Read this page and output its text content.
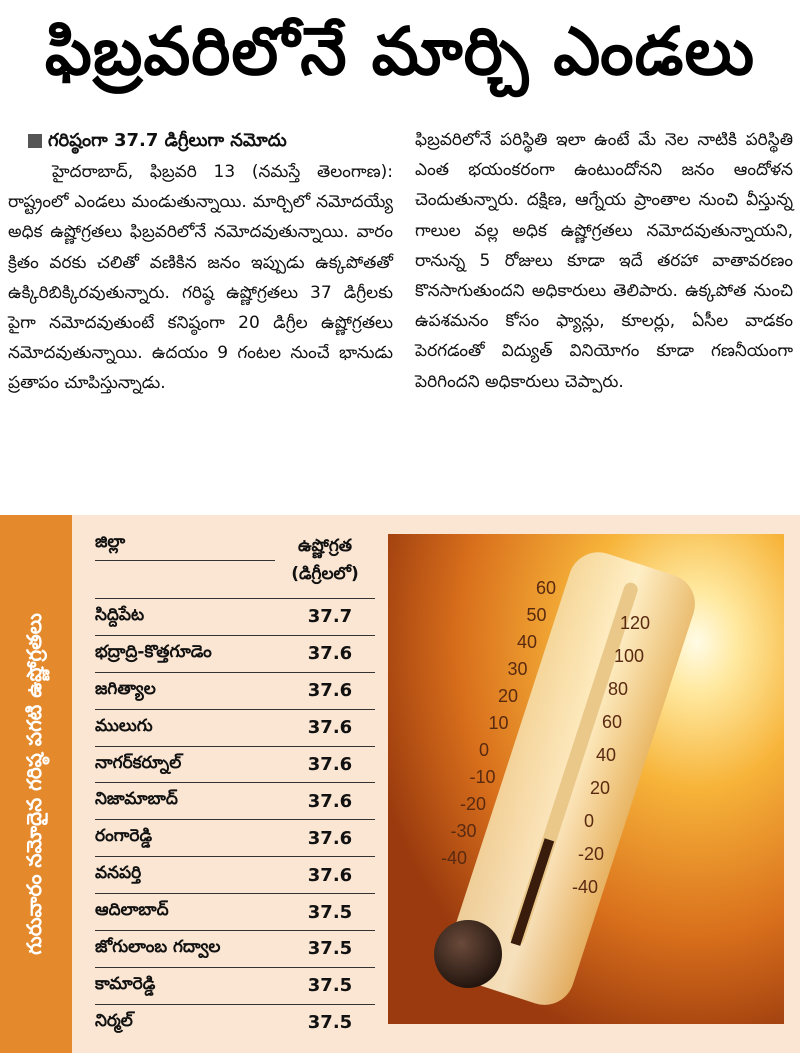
ఫిబ్రవరిలోనే మార్చి ఎండలు
గరిష్ఠంగా 37.7 డిగ్రీలుగా నమోదు

హైదరాబాద్, ఫిబ్రవరి 13 (నమస్తే తెలంగాణ): రాష్ట్రంలో ఎండలు మండుతున్నాయి. మార్చిలో నమోదయ్యే అధిక ఉష్ణోగ్రతలు ఫిబ్రవరిలోనే నమోదవుతున్నాయి. వారం క్రితం వరకు చలితో వణికిన జనం ఇప్పుడు ఉక్కపోతతో ఉక్కిరిబిక్కిరవుతున్నారు. గరిష్ఠ ఉష్ణోగ్రతలు 37 డిగ్రీలకు పైగా నమోదవుతుంటే కనిష్ఠంగా 20 డిగ్రీల ఉష్ణోగ్రతలు నమోదవుతున్నాయి. ఉదయం 9 గంటల నుంచే భానుడు ప్రతాపం చూపిస్తున్నాడు.

ఫిబ్రవరిలోనే పరిస్థితి ఇలా ఉంటే మే నెల నాటికి పరిస్థితి ఎంత భయంకరంగా ఉంటుందోనని జనం ఆందోళన చెందుతున్నారు. దక్షిణ, ఆగ్నేయ ప్రాంతాల నుంచి వీస్తున్న గాలుల వల్ల అధిక ఉష్ణోగ్రతలు నమోదవుతున్నాయని, రానున్న 5 రోజులు కూడా ఇదే తరహా వాతావరణం కొనసాగుతుందని అధికారులు తెలిపారు. ఉక్కపోత నుంచి ఉపశమనం కోసం ఫ్యాన్లు, కూలర్లు, ఏసీల వాడకం పెరగడంతో విద్యుత్ వినియోగం కూడా గణనీయంగా పెరిగిందని అధికారులు చెప్పారు.

గురువారం నమోదైన గరిష్ఠ పగటి ఉష్ణోగ్రతలు
జిల్లా	ఉష్ణోగ్రత
(డిగ్రీలలో)
సిద్దిపేట	37.7
భద్రాద్రి-కొత్తగూడెం	37.6
జగిత్యాల	37.6
ములుగు	37.6
నాగర్‌కర్నూల్	37.6
నిజామాబాద్	37.6
రంగారెడ్డి	37.6
వనపర్తి	37.6
ఆదిలాబాద్	37.5
జోగులాంబ గద్వాల	37.5
కామారెడ్డి	37.5
నిర్మల్	37.5
60
50
40
30
20
10
0
-10
-20
-30
-40
120
100
80
60
40
20
0
-20
-40
